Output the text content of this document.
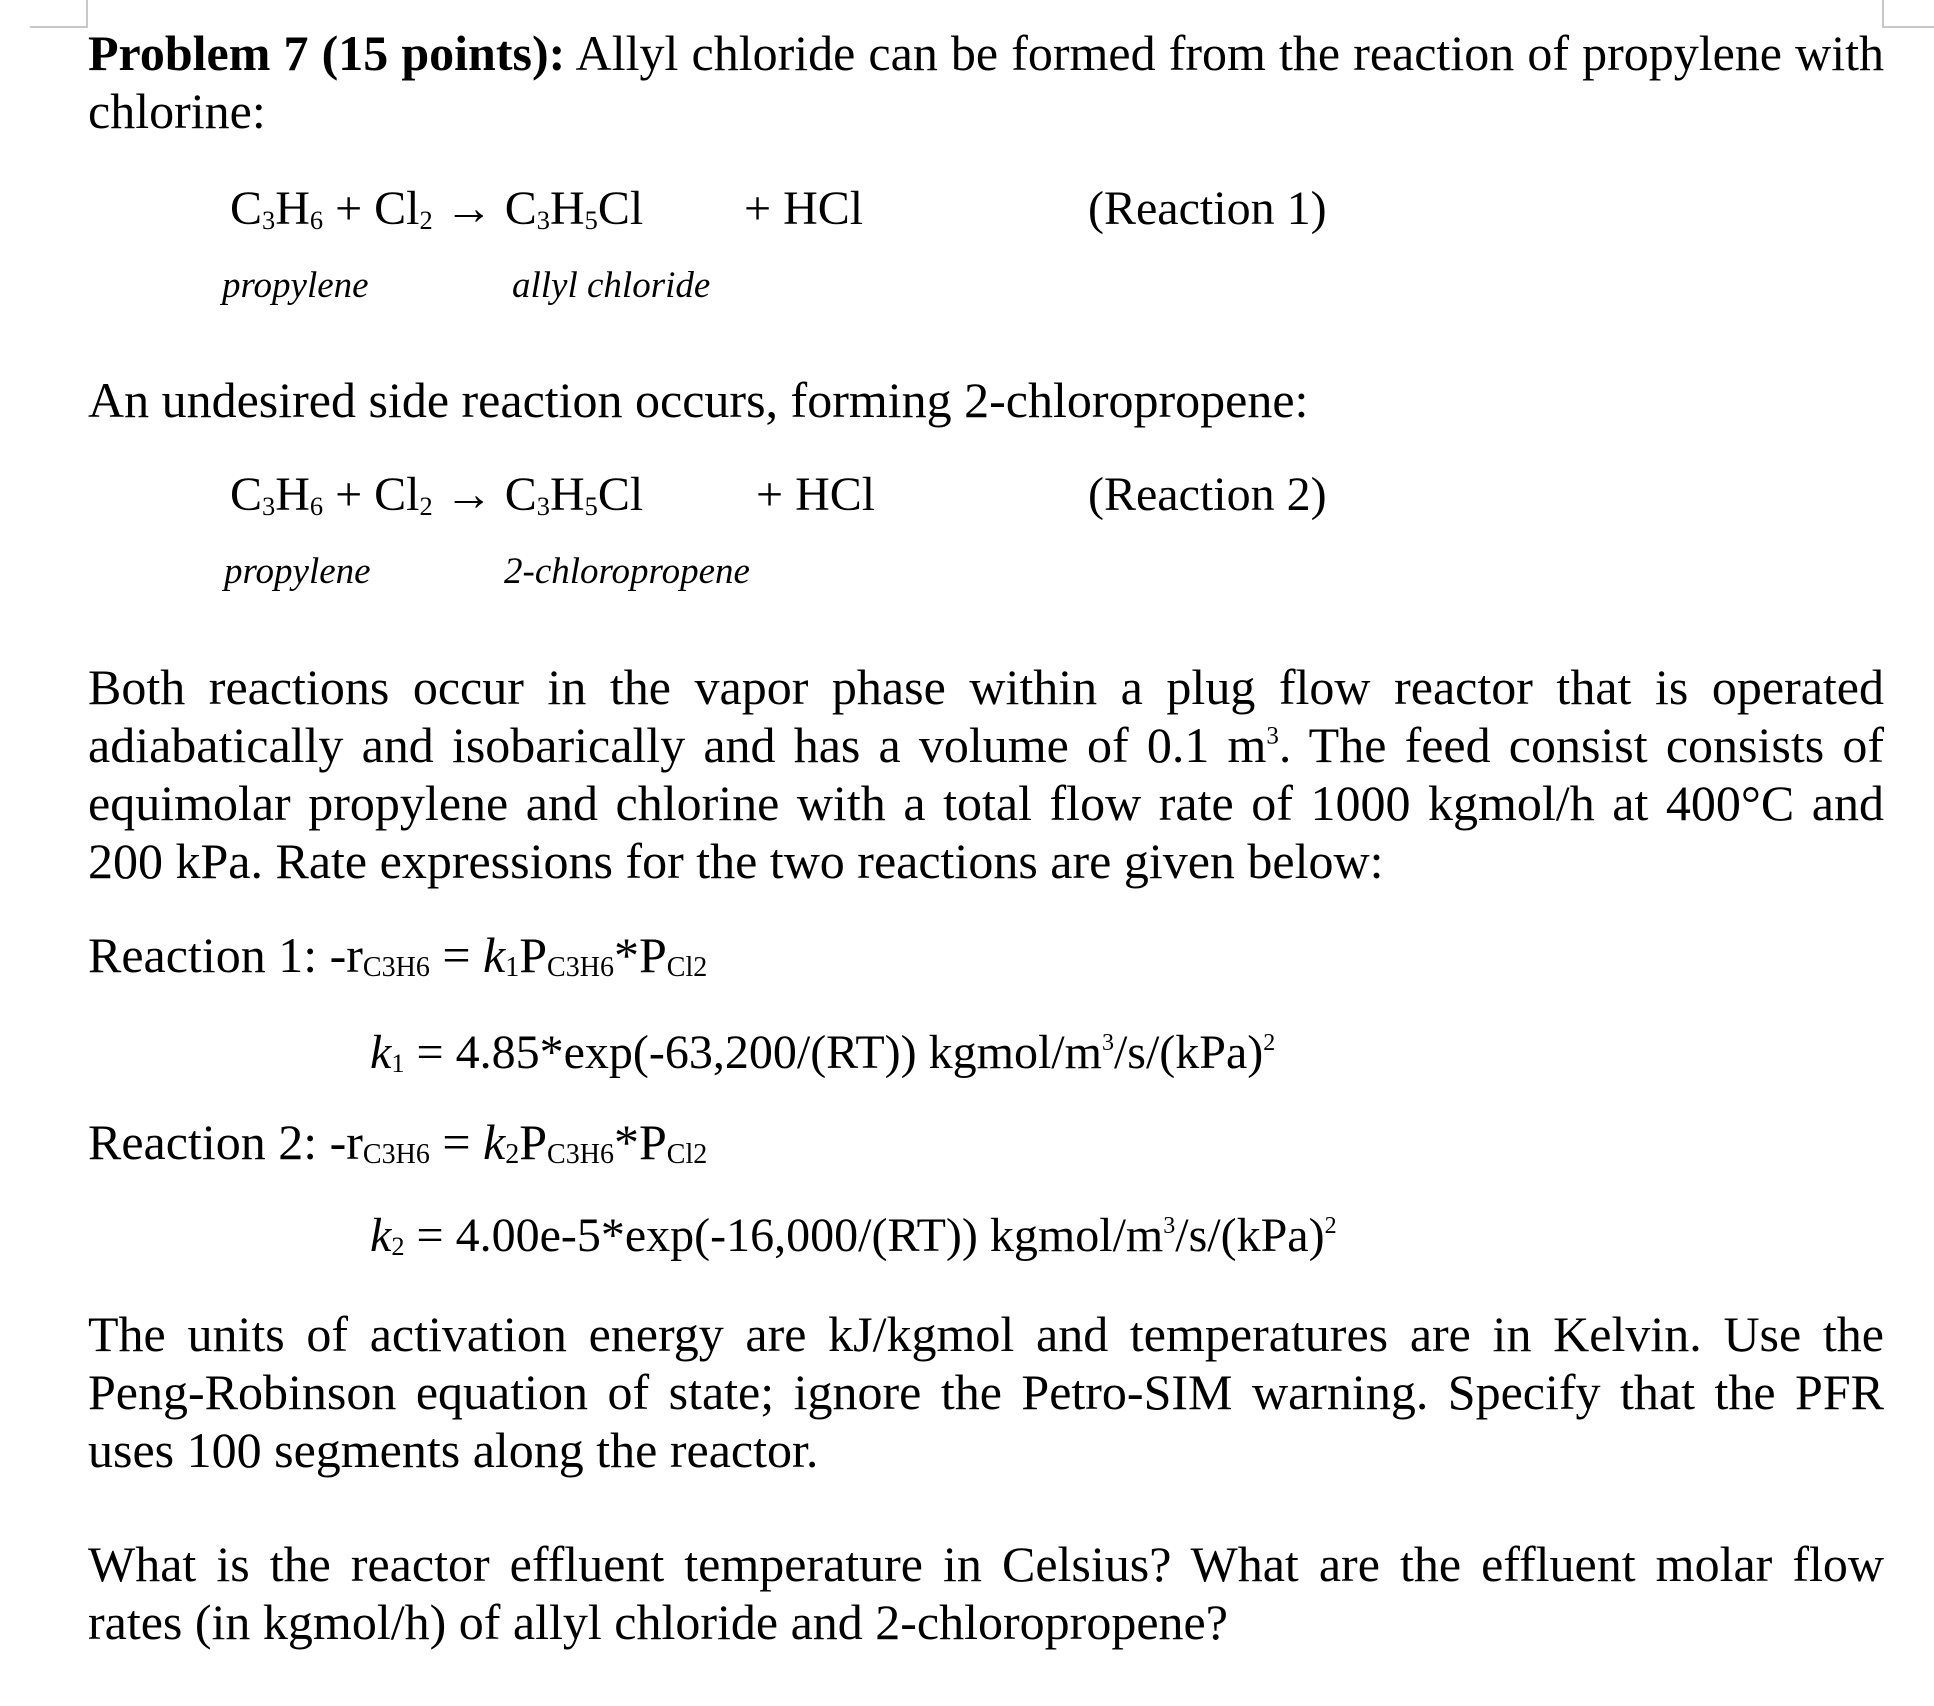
Problem 7 (15 points): Allyl chloride can be formed from the reaction of propylene with chlorine:
$C_3H_6 + Cl_2 \to C_3H_5Cl$ + HCl	(Reaction 1)
propylene	allyl chloride
An undesired side reaction occurs, forming 2-chloropropene:
$C_3H_6 + Cl_2 \to C_3H_5Cl$ + HCl	(Reaction 2)
propylene	2-chloropropene
Both reactions occur in the vapor phase within a plug flow reactor that is operated adiabatically and isobarically and has a volume of 0.1 $m^3$. The feed consist consists of equimolar propylene and chlorine with a total flow rate of 1000 kgmol/h at 400°C and 200 kPa. Rate expressions for the two reactions are given below:
Reaction 1: $-r_{C3H6} = k_1P_{C3H6}*P_{Cl2}$
$k_1 = 4.85*\exp(-63,200/(RT))$ kgmol/$m^3/s/(kPa)^2$
Reaction 2: $-r_{C3H6} = k_2P_{C3H6}*P_{Cl2}$
$k_2 = 4.00e-5*\exp(-16,000/(RT))$ kgmol/$m^3/s/(kPa)^2$
The units of activation energy are kJ/kgmol and temperatures are in Kelvin. Use the Peng-Robinson equation of state; ignore the Petro-SIM warning. Specify that the PFR uses 100 segments along the reactor.
What is the reactor effluent temperature in Celsius? What are the effluent molar flow rates (in kgmol/h) of allyl chloride and 2-chloropropene?
